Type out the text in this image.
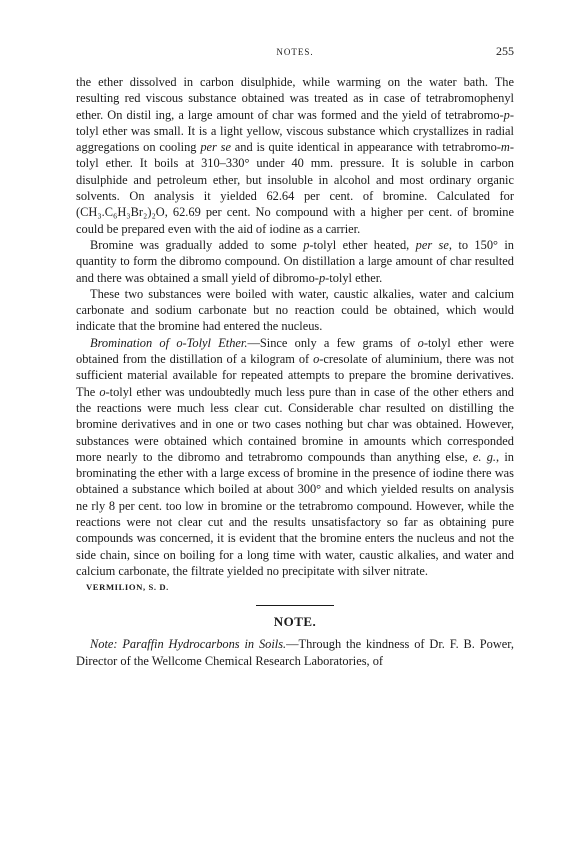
NOTES.	255

the ether dissolved in carbon disulphide, while warming on the water bath. The resulting red viscous substance obtained was treated as in case of tetrabromophenyl ether. On distil ing, a large amount of char was formed and the yield of tetrabromo-p-tolyl ether was small. It is a light yellow, viscous substance which crystallizes in radial aggregations on cooling per se and is quite identical in appearance with tetrabromo-m-tolyl ether. It boils at 310–330° under 40 mm. pressure. It is soluble in carbon disulphide and petroleum ether, but insoluble in alcohol and most ordinary organic solvents. On analysis it yielded 62.64 per cent. of bromine. Calculated for (CH₃.C₆H₃Br₂)₂O, 62.69 per cent. No compound with a higher per cent. of bromine could be prepared even with the aid of iodine as a carrier.

Bromine was gradually added to some p-tolyl ether heated, per se, to 150° in quantity to form the dibromo compound. On distillation a large amount of char resulted and there was obtained a small yield of dibromo-p-tolyl ether.

These two substances were boiled with water, caustic alkalies, water and calcium carbonate and sodium carbonate but no reaction could be obtained, which would indicate that the bromine had entered the nucleus.

Bromination of o-Tolyl Ether.—Since only a few grams of o-tolyl ether were obtained from the distillation of a kilogram of o-cresolate of aluminium, there was not sufficient material available for repeated attempts to prepare the bromine derivatives. The o-tolyl ether was undoubtedly much less pure than in case of the other ethers and the reactions were much less clear cut. Considerable char resulted on distilling the bromine derivatives and in one or two cases nothing but char was obtained. However, substances were obtained which contained bromine in amounts which corresponded more nearly to the dibromo and tetrabromo compounds than anything else, e. g., in brominating the ether with a large excess of bromine in the presence of iodine there was obtained a substance which boiled at about 300° and which yielded results on analysis ne rly 8 per cent. too low in bromine or the tetrabromo compound. However, while the reactions were not clear cut and the results unsatisfactory so far as obtaining pure compounds was concerned, it is evident that the bromine enters the nucleus and not the side chain, since on boiling for a long time with water, caustic alkalies, and water and calcium carbonate, the filtrate yielded no precipitate with silver nitrate.

VERMILION, S. D.
NOTE.

Note: Paraffin Hydrocarbons in Soils.—Through the kindness of Dr. F. B. Power, Director of the Wellcome Chemical Research Laboratories, of
